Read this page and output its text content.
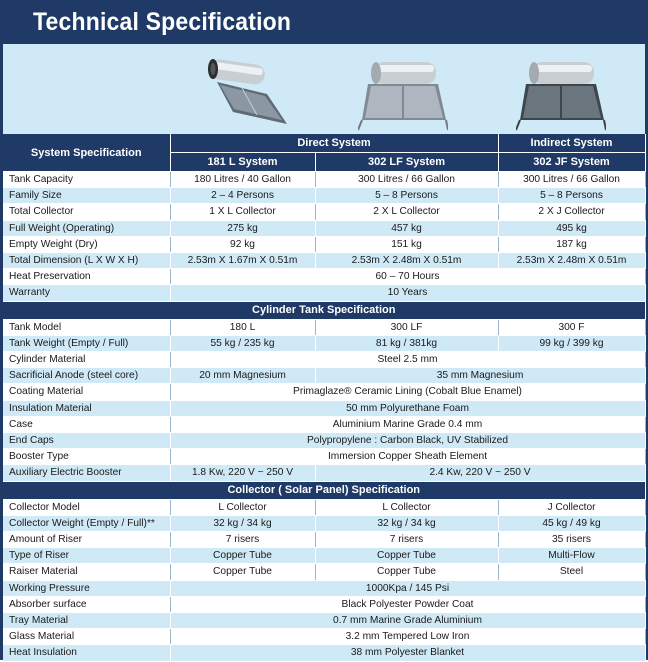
Technical Specification
System Specification	Direct System		Indirect System
	181 L System	302 LF System	302 JF System
Tank Capacity	180 Litres / 40 Gallon	300 Litres / 66 Gallon	300 Litres / 66 Gallon
Family Size	2 – 4 Persons	5 – 8 Persons	5 – 8 Persons
Total Collector	1 X L Collector	2 X L Collector	2 X J Collector
Full Weight (Operating)	275 kg	457 kg	495 kg
Empty Weight (Dry)	92 kg	151 kg	187 kg
Total Dimension (L X W X H)	2.53m X 1.67m X 0.51m	2.53m X 2.48m X 0.51m	2.53m X 2.48m X 0.51m
Heat Preservation	60 – 70 Hours		
Warranty	10 Years		
Cylinder Tank Specification			
Tank Model	180 L	300 LF	300 F
Tank Weight (Empty / Full)	55 kg / 235 kg	81 kg / 381kg	99 kg / 399 kg
Cylinder Material	Steel 2.5 mm		
Sacrificial Anode (steel core)	20 mm Magnesium	35 mm Magnesium	
Coating Material	Primaglaze® Ceramic Lining (Cobalt Blue Enamel)		
Insulation Material	50 mm Polyurethane Foam		
Case	Aluminium Marine Grade 0.4 mm		
End Caps	Polypropylene : Carbon Black, UV Stabilized		
Booster Type	Immersion Copper Sheath Element		
Auxiliary Electric Booster	1.8 Kw, 220 V ~ 250 V	2.4 Kw, 220 V ~ 250 V	
Collector ( Solar Panel) Specification			
Collector Model	L Collector	L Collector	J Collector
Collector Weight (Empty / Full)**	32 kg / 34 kg	32 kg / 34 kg	45 kg / 49 kg
Amount of Riser	7 risers	7 risers	35 risers
Type of Riser	Copper Tube	Copper Tube	Multi-Flow
Raiser Material	Copper Tube	Copper Tube	Steel
Working Pressure	1000Kpa / 145 Psi		
Absorber surface	Black Polyester Powder Coat		
Tray Material	0.7 mm Marine Grade Aluminium		
Glass Material	3.2 mm Tempered Low Iron		
Heat Insulation	38 mm Polyester Blanket		
